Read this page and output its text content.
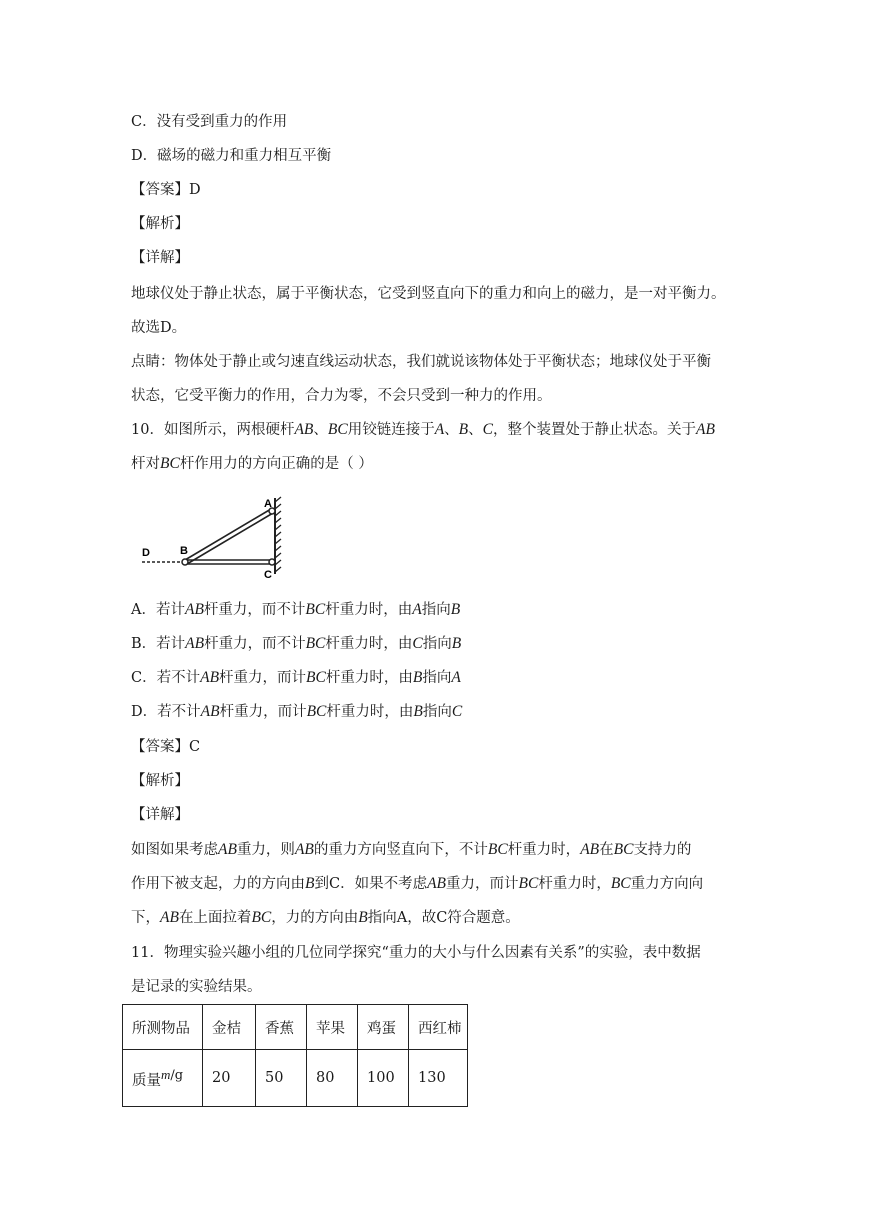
C．没有受到重力的作用
D．磁场的磁力和重力相互平衡
【答案】D
【解析】
【详解】
地球仪处于静止状态，属于平衡状态，它受到竖直向下的重力和向上的磁力，是一对平衡力。
故选D。
点睛：物体处于静止或匀速直线运动状态，我们就说该物体处于平衡状态；地球仪处于平衡
状态，它受平衡力的作用，合力为零，不会只受到一种力的作用。
10．如图所示，两根硬杆AB、BC用铰链连接于A、B、C，整个装置处于静止状态。关于AB
杆对BC杆作用力的方向正确的是（ ）
D	B
A
C
A．若计AB杆重力，而不计BC杆重力时，由A指向B
B．若计AB杆重力，而不计BC杆重力时，由C指向B
C．若不计AB杆重力，而计BC杆重力时，由B指向A
D．若不计AB杆重力，而计BC杆重力时，由B指向C
【答案】C
【解析】
【详解】
如图如果考虑AB重力，则AB的重力方向竖直向下，不计BC杆重力时，AB在BC支持力的
作用下被支起，力的方向由B到C．如果不考虑AB重力，而计BC杆重力时，BC重力方向向
下，AB在上面拉着BC，力的方向由B指向A，故C符合题意。
11．物理实验兴趣小组的几位同学探究“重力的大小与什么因素有关系”的实验，表中数据
是记录的实验结果。
所测物品	金桔	香蕉	苹果	鸡蛋	西红柿
质量m/g	20	50	80	100	130
